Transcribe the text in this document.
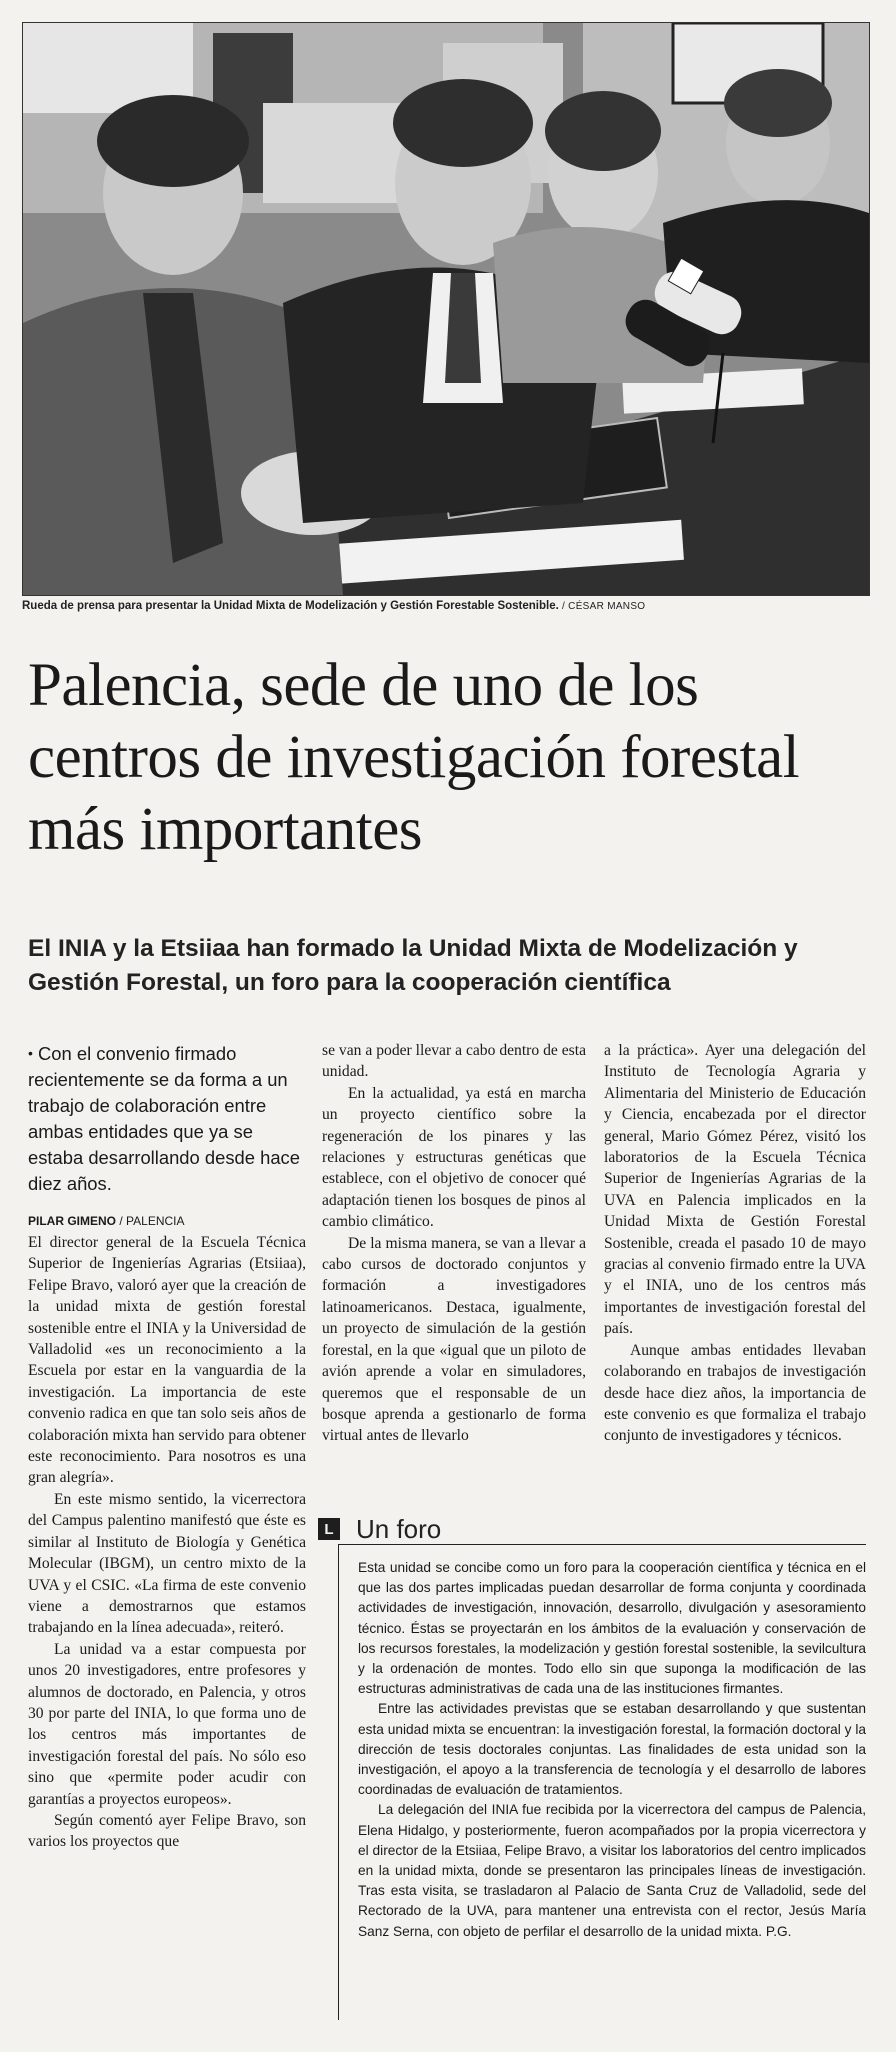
Rueda de prensa para presentar la Unidad Mixta de Modelización y Gestión Forestable Sostenible. / CÉSAR MANSO
Palencia, sede de uno de los centros de investigación forestal más importantes
El INIA y la Etsiiaa han formado la Unidad Mixta de Modelización y Gestión Forestal, un foro para la cooperación científica

• Con el convenio firmado recientemente se da forma a un trabajo de colaboración entre ambas entidades que ya se estaba desarrollando desde hace diez años.

PILAR GIMENO / PALENCIA

El director general de la Escuela Técnica Superior de Ingenierías Agrarias (Etsiiaa), Felipe Bravo, valoró ayer que la creación de la unidad mixta de gestión forestal sostenible entre el INIA y la Universidad de Valladolid «es un reconocimiento a la Escuela por estar en la vanguardia de la investigación. La importancia de este convenio radica en que tan solo seis años de colaboración mixta han servido para obtener este reconocimiento. Para nosotros es una gran alegría».

En este mismo sentido, la vicerrectora del Campus palentino manifestó que éste es similar al Instituto de Biología y Genética Molecular (IBGM), un centro mixto de la UVA y el CSIC. «La firma de este convenio viene a demostrarnos que estamos trabajando en la línea adecuada», reiteró.

La unidad va a estar compuesta por unos 20 investigadores, entre profesores y alumnos de doctorado, en Palencia, y otros 30 por parte del INIA, lo que forma uno de los centros más importantes de investigación forestal del país. No sólo eso sino que «permite poder acudir con garantías a proyectos europeos».

Según comentó ayer Felipe Bravo, son varios los proyectos que

se van a poder llevar a cabo dentro de esta unidad.

En la actualidad, ya está en marcha un proyecto científico sobre la regeneración de los pinares y las relaciones y estructuras genéticas que establece, con el objetivo de conocer qué adaptación tienen los bosques de pinos al cambio climático.

De la misma manera, se van a llevar a cabo cursos de doctorado conjuntos y formación a investigadores latinoamericanos. Destaca, igualmente, un proyecto de simulación de la gestión forestal, en la que «igual que un piloto de avión aprende a volar en simuladores, queremos que el responsable de un bosque aprenda a gestionarlo de forma virtual antes de llevarlo

a la práctica». Ayer una delegación del Instituto de Tecnología Agraria y Alimentaria del Ministerio de Educación y Ciencia, encabezada por el director general, Mario Gómez Pérez, visitó los laboratorios de la Escuela Técnica Superior de Ingenierías Agrarias de la UVA en Palencia implicados en la Unidad Mixta de Gestión Forestal Sostenible, creada el pasado 10 de mayo gracias al convenio firmado entre la UVA y el INIA, uno de los centros más importantes de investigación forestal del país.

Aunque ambas entidades llevaban colaborando en trabajos de investigación desde hace diez años, la importancia de este convenio es que formaliza el trabajo conjunto de investigadores y técnicos.

L Un foro

Esta unidad se concibe como un foro para la cooperación científica y técnica en el que las dos partes implicadas puedan desarrollar de forma conjunta y coordinada actividades de investigación, innovación, desarrollo, divulgación y asesoramiento técnico. Éstas se proyectarán en los ámbitos de la evaluación y conservación de los recursos forestales, la modelización y gestión forestal sostenible, la sevilcultura y la ordenación de montes. Todo ello sin que suponga la modificación de las estructuras administrativas de cada una de las instituciones firmantes.

Entre las actividades previstas que se estaban desarrollando y que sustentan esta unidad mixta se encuentran: la investigación forestal, la formación doctoral y la dirección de tesis doctorales conjuntas. Las finalidades de esta unidad son la investigación, el apoyo a la transferencia de tecnología y el desarrollo de labores coordinadas de evaluación de tratamientos.

La delegación del INIA fue recibida por la vicerrectora del campus de Palencia, Elena Hidalgo, y posteriormente, fueron acompañados por la propia vicerrectora y el director de la Etsiiaa, Felipe Bravo, a visitar los laboratorios del centro implicados en la unidad mixta, donde se presentaron las principales líneas de investigación. Tras esta visita, se trasladaron al Palacio de Santa Cruz de Valladolid, sede del Rectorado de la UVA, para mantener una entrevista con el rector, Jesús María Sanz Serna, con objeto de perfilar el desarrollo de la unidad mixta. P.G.
